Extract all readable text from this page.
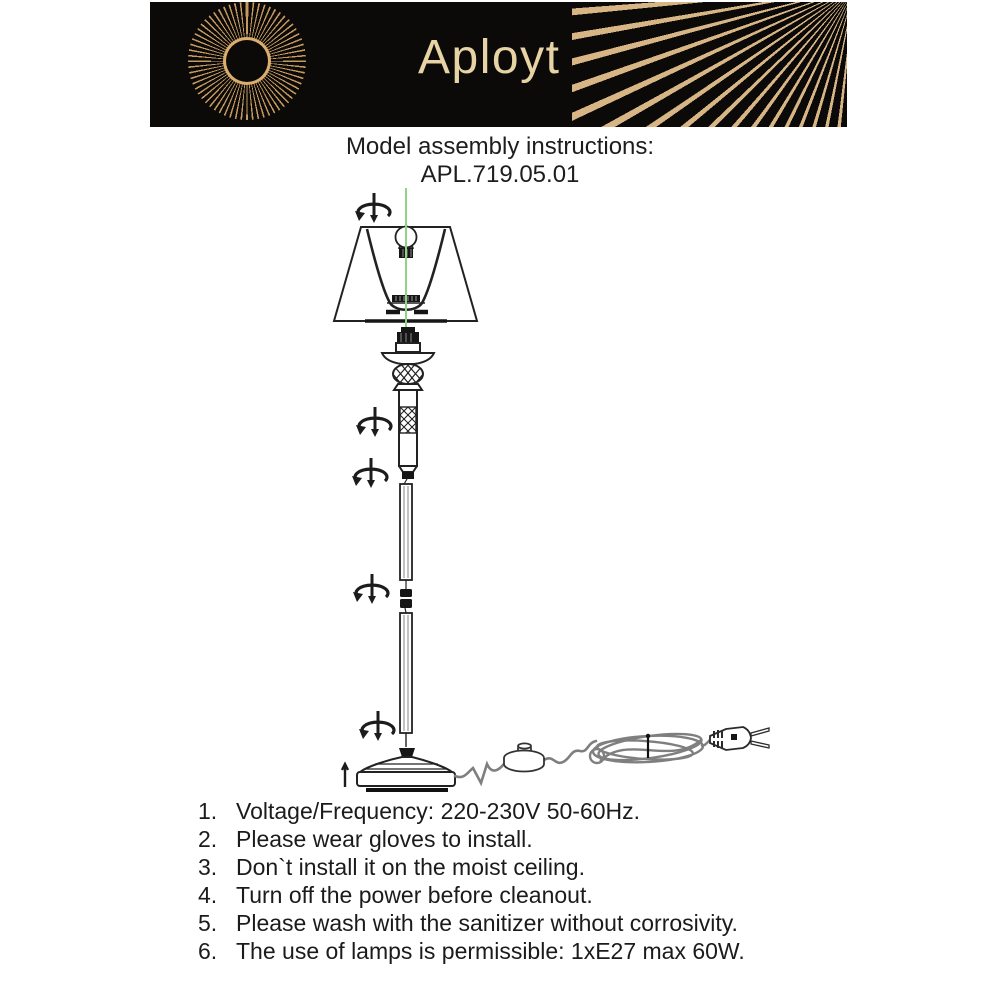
Aployt
Model assembly instructions:
APL.719.05.01
1. Voltage/Frequency: 220-230V 50-60Hz.
2. Please wear gloves to install.
3. Don`t install it on the moist ceiling.
4. Turn off the power before cleanout.
5. Please wash with the sanitizer without corrosivity.
6. The use of lamps is permissible: 1xE27 max 60W.
